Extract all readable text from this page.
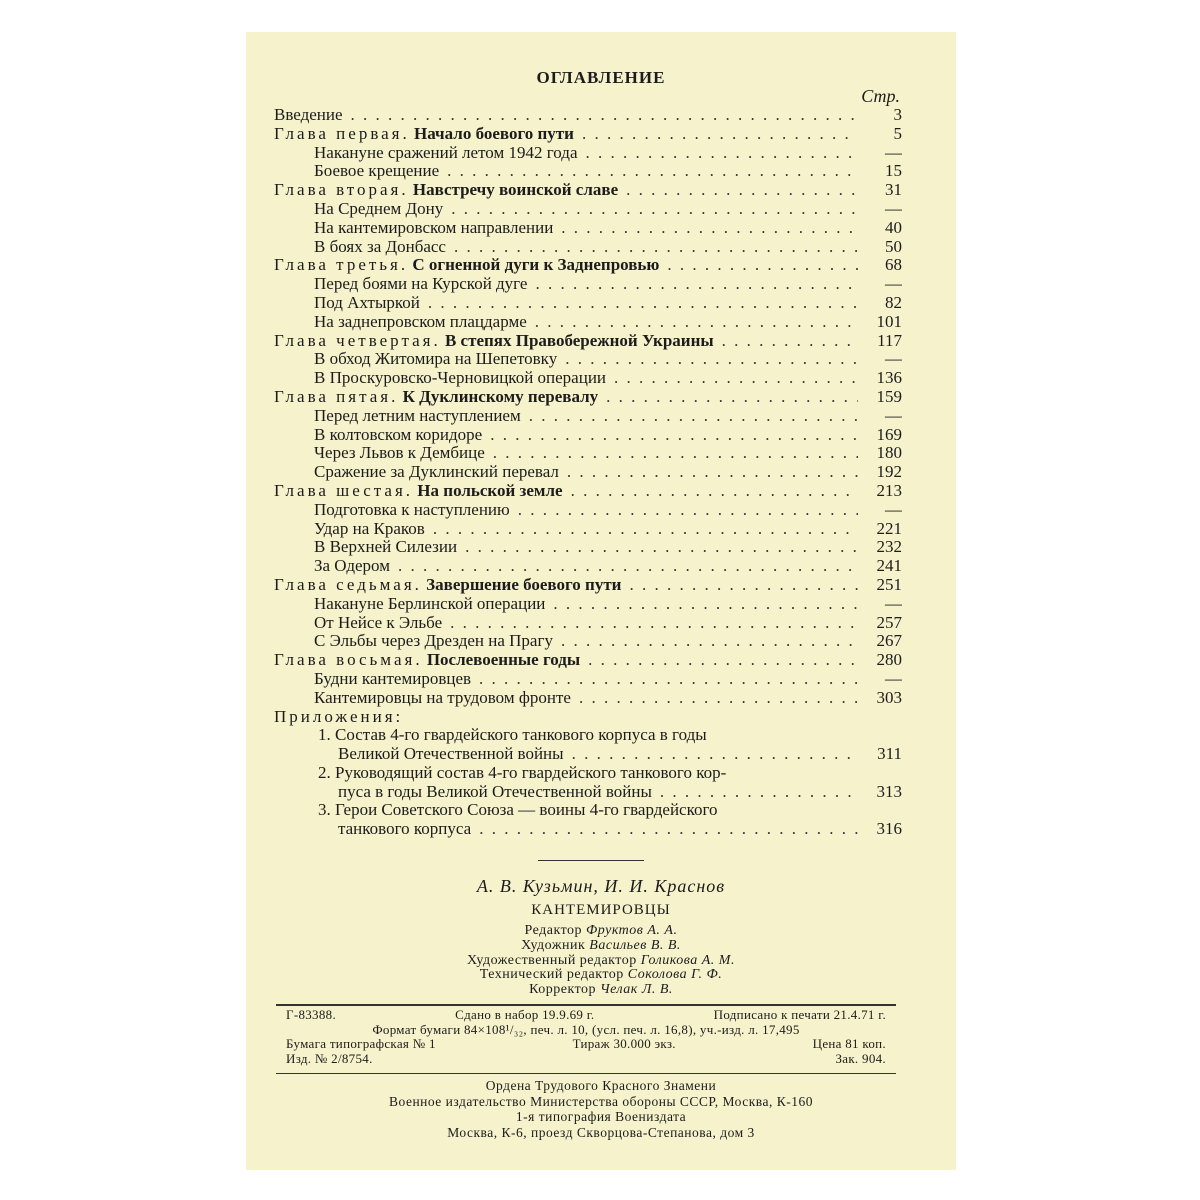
ОГЛАВЛЕНИЕ
Стр.
Введение . . .	3
Глава первая. Начало боевого пути . . .	5
Накануне сражений летом 1942 года . . .	—
Боевое крещение . . .	15
Глава вторая. Навстречу воинской славе . . .	31
На Среднем Дону . . .	—
На кантемировском направлении . . .	40
В боях за Донбасс . . .	50
Глава третья. С огненной дуги к Заднепровью . . .	68
Перед боями на Курской дуге . . .	—
Под Ахтыркой . . .	82
На заднепровском плацдарме . . .	101
Глава четвертая. В степях Правобережной Украины . . .	117
В обход Житомира на Шепетовку . . .	—
В Проскуровско-Черновицкой операции . . .	136
Глава пятая. К Дуклинскому перевалу . . .	159
Перед летним наступлением . . .	—
В колтовском коридоре . . .	169
Через Львов к Дембице . . .	180
Сражение за Дуклинский перевал . . .	192
Глава шестая. На польской земле . . .	213
Подготовка к наступлению . . .	—
Удар на Краков . . .	221
В Верхней Силезии . . .	232
За Одером . . .	241
Глава седьмая. Завершение боевого пути . . .	251
Накануне Берлинской операции . . .	—
От Нейсе к Эльбе . . .	257
С Эльбы через Дрезден на Прагу . . .	267
Глава восьмая. Послевоенные годы . . .	280
Будни кантемировцев . . .	—
Кантемировцы на трудовом фронте . . .	303
Приложения:
1. Состав 4-го гвардейского танкового корпуса в годы
Великой Отечественной войны . . .	311
2. Руководящий состав 4-го гвардейского танкового кор-
пуса в годы Великой Отечественной войны . . .	313
3. Герои Советского Союза — воины 4-го гвардейского
танкового корпуса . . .	316
А. В. Кузьмин, И. И. Краснов
КАНТЕМИРОВЦЫ
Редактор Фруктов А. А.
Художник Васильев В. В.
Художественный редактор Голикова А. М.
Технический редактор Соколова Г. Ф.
Корректор Челак Л. В.
Г-83388.	Сдано в набор 19.9.69 г.	Подписано к печати 21.4.71 г.
Формат бумаги 84×108¹/₃₂, печ. л. 10, (усл. печ. л. 16,8), уч.-изд. л. 17,495
Бумага типографская № 1	Тираж 30.000 экз.	Цена 81 коп.
Изд. № 2/8754.	Зак. 904.
Ордена Трудового Красного Знамени
Военное издательство Министерства обороны СССР, Москва, К-160
1-я типография Воениздата
Москва, К-6, проезд Скворцова-Степанова, дом 3
